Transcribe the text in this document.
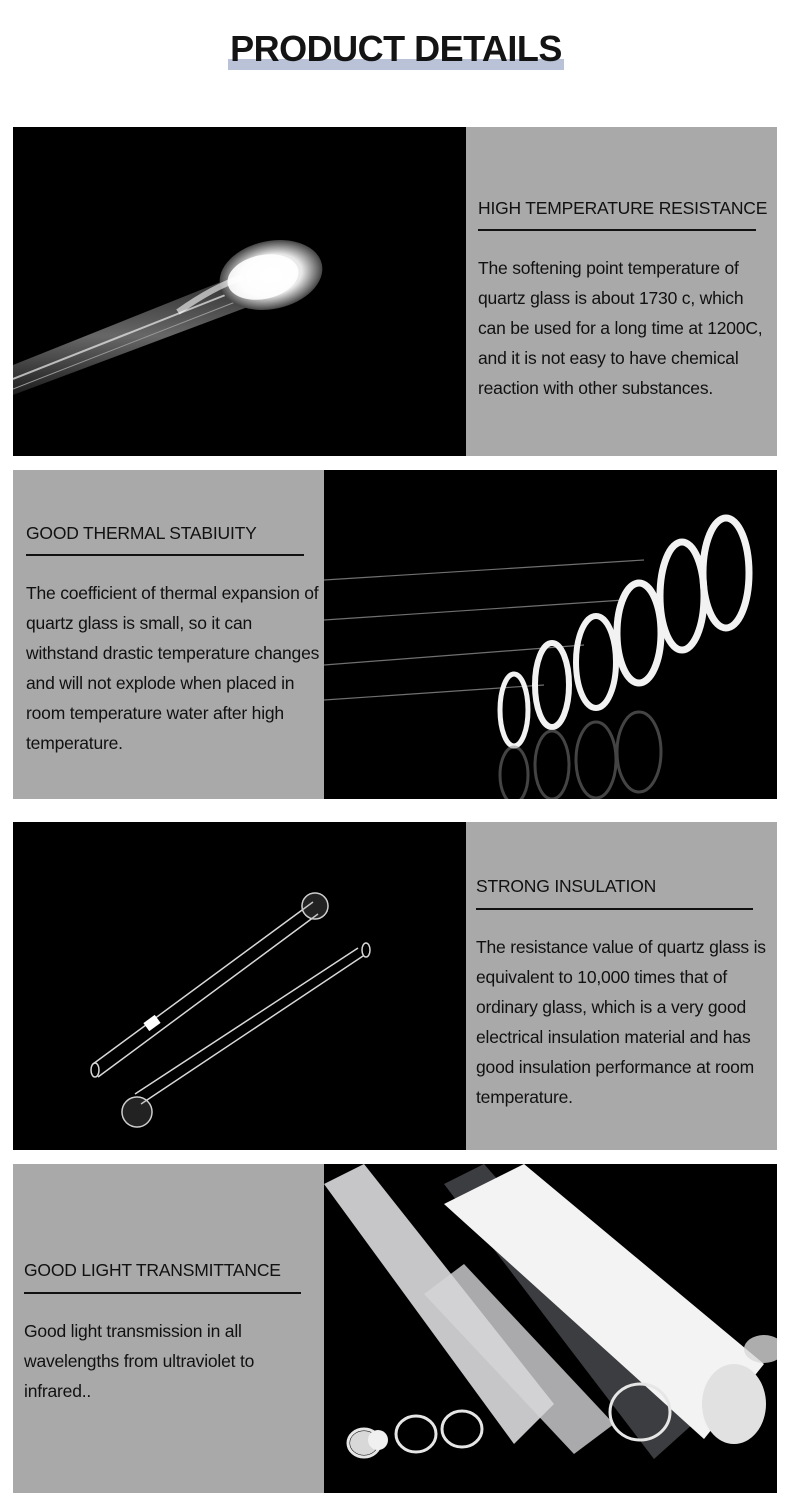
PRODUCT DETAILS
HIGH TEMPERATURE RESISTANCE
The softening point temperature of quartz glass is about 1730 c, which can be used for a long time at 1200C, and it is not easy to have chemical reaction with other substances.
GOOD THERMAL STABIUITY
The coefficient of thermal expansion of quartz glass is small, so it can withstand drastic temperature changes and will not explode when placed in room temperature water after high temperature.
STRONG INSULATION
The resistance value of quartz glass is equivalent to 10,000 times that of ordinary glass, which is a very good electrical insulation material and has good insulation performance at room temperature.
GOOD LIGHT TRANSMITTANCE
Good light transmission in all wavelengths from ultraviolet to infrared..
